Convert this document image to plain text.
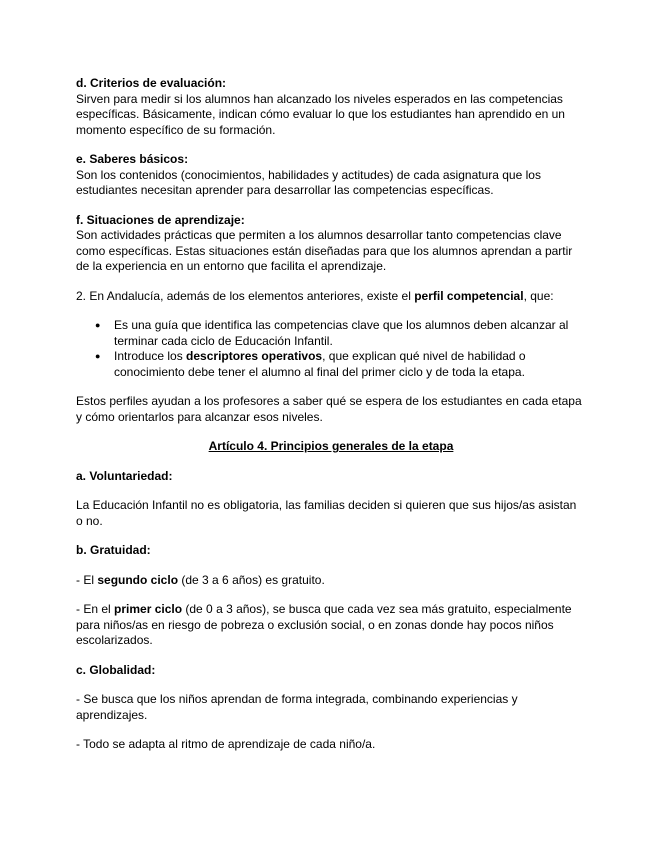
d. Criterios de evaluación:

Sirven para medir si los alumnos han alcanzado los niveles esperados en las competencias específicas. Básicamente, indican cómo evaluar lo que los estudiantes han aprendido en un momento específico de su formación.

e. Saberes básicos:

Son los contenidos (conocimientos, habilidades y actitudes) de cada asignatura que los estudiantes necesitan aprender para desarrollar las competencias específicas.

f. Situaciones de aprendizaje:

Son actividades prácticas que permiten a los alumnos desarrollar tanto competencias clave como específicas. Estas situaciones están diseñadas para que los alumnos aprendan a partir de la experiencia en un entorno que facilita el aprendizaje.

2. En Andalucía, además de los elementos anteriores, existe el perfil competencial, que:

● Es una guía que identifica las competencias clave que los alumnos deben alcanzar al terminar cada ciclo de Educación Infantil.
● Introduce los descriptores operativos, que explican qué nivel de habilidad o conocimiento debe tener el alumno al final del primer ciclo y de toda la etapa.

Estos perfiles ayudan a los profesores a saber qué se espera de los estudiantes en cada etapa y cómo orientarlos para alcanzar esos niveles.

Artículo 4. Principios generales de la etapa

a. Voluntariedad:

La Educación Infantil no es obligatoria, las familias deciden si quieren que sus hijos/as asistan o no.

b. Gratuidad:

- El segundo ciclo (de 3 a 6 años) es gratuito.

- En el primer ciclo (de 0 a 3 años), se busca que cada vez sea más gratuito, especialmente para niños/as en riesgo de pobreza o exclusión social, o en zonas donde hay pocos niños escolarizados.

c. Globalidad:

- Se busca que los niños aprendan de forma integrada, combinando experiencias y aprendizajes.

- Todo se adapta al ritmo de aprendizaje de cada niño/a.
